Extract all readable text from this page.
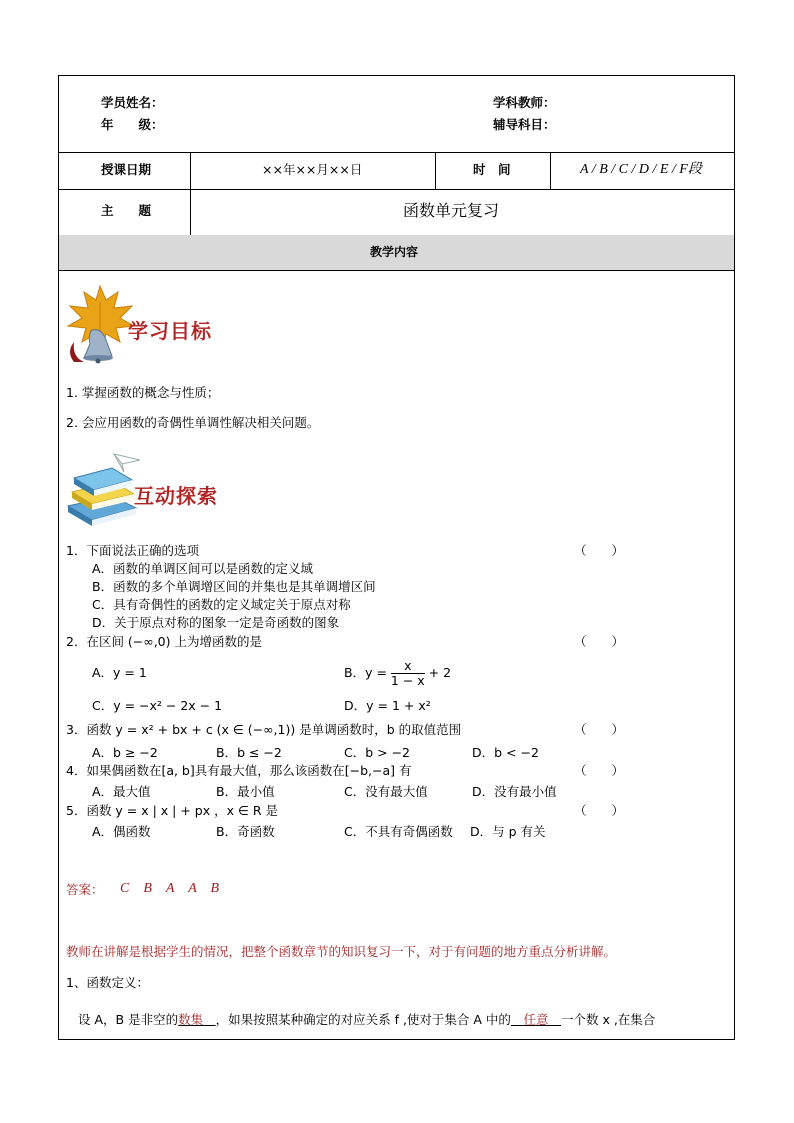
学员姓名：
年　　级：
学科教师：
辅导科目：
授课日期	××年××月××日	时　间	A / B / C / D / E / F段
主　　题	函数单元复习
教学内容
学习目标
1. 掌握函数的概念与性质；
2. 会应用函数的奇偶性单调性解决相关问题。
互动探索
1．下面说法正确的选项	（　　）
A．函数的单调区间可以是函数的定义域
B．函数的多个单调增区间的并集也是其单调增区间
C．具有奇偶性的函数的定义域定关于原点对称
D．关于原点对称的图象一定是奇函数的图象
2．在区间 (−∞,0) 上为增函数的是	（　　）
A．y = 1	B．$y = \frac{x}{1 - x} + 2$
C．y = −x² − 2x − 1	D．y = 1 + x²
3．函数 y = x² + bx + c (x ∈ (−∞,1)) 是单调函数时，b 的取值范围	（　　）
A．b ≥ −2	B．b ≤ −2	C．b > −2	D．b < −2
4．如果偶函数在[a, b]具有最大值，那么该函数在[−b,−a] 有	（　　）
A．最大值	B．最小值	C．没有最大值	D．没有最小值
5．函数 y = x | x | + px ，x ∈ R 是	（　　）
A．偶函数	B．奇函数	C．不具有奇偶函数 D．与 p 有关
答案： C　B　A　A　B
教师在讲解是根据学生的情况，把整个函数章节的知识复习一下，对于有问题的地方重点分析讲解。
1、函数定义：
设 A，B 是非空的数集　 ，如果按照某种确定的对应关系 f ,使对于集合 A 中的　 任意　 一个数 x ,在集合
